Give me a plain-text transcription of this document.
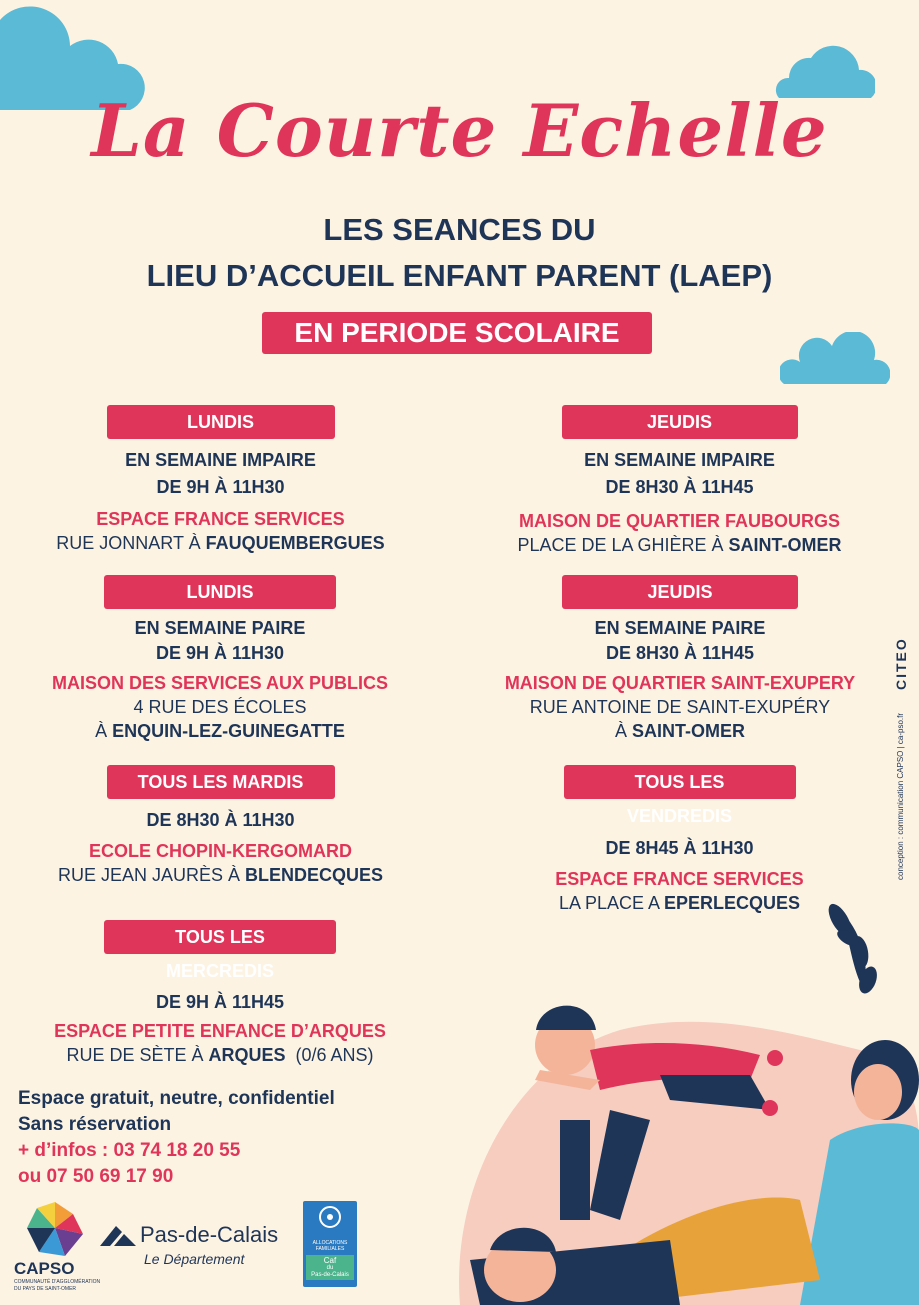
La Courte Echelle
LES SEANCES DU
LIEU D’ACCUEIL ENFANT PARENT (LAEP)
EN PERIODE SCOLAIRE
LUNDIS
EN SEMAINE IMPAIRE
DE 9H À 11H30
ESPACE FRANCE SERVICES
RUE JONNART À FAUQUEMBERGUES
JEUDIS
EN SEMAINE IMPAIRE
DE 8H30 À 11H45
MAISON DE QUARTIER FAUBOURGS
PLACE DE LA GHIÈRE À SAINT-OMER
LUNDIS
EN SEMAINE PAIRE
DE 9H À 11H30
MAISON DES SERVICES AUX PUBLICS
4 RUE DES ÉCOLES
À ENQUIN-LEZ-GUINEGATTE
JEUDIS
EN SEMAINE PAIRE
DE 8H30 À 11H45
MAISON DE QUARTIER SAINT-EXUPERY
RUE ANTOINE DE SAINT-EXUPÉRY
À SAINT-OMER
TOUS LES MARDIS
DE 8H30 À 11H30
ECOLE CHOPIN-KERGOMARD
RUE JEAN JAURÈS À BLENDECQUES
TOUS LES VENDREDIS
DE 8H45 À 11H30
ESPACE FRANCE SERVICES
LA PLACE A EPERLECQUES
TOUS LES MERCREDIS
DE 9H À 11H45
ESPACE PETITE ENFANCE D’ARQUES
RUE DE SÈTE À ARQUES (0/6 ANS)
Espace gratuit, neutre, confidentiel
Sans réservation
+ d’infos : 03 74 18 20 55
ou 07 50 69 17 90
CAPSO
COMMUNAUTÉ D'AGGLOMÉRATION
DU PAYS DE SAINT-OMER
Pas-de-Calais
Le Département
ALLOCATIONS
FAMILIALES
Caf
du
Pas-de-Calais
conception : communication CAPSO | ca-pso.fr
CITEO
